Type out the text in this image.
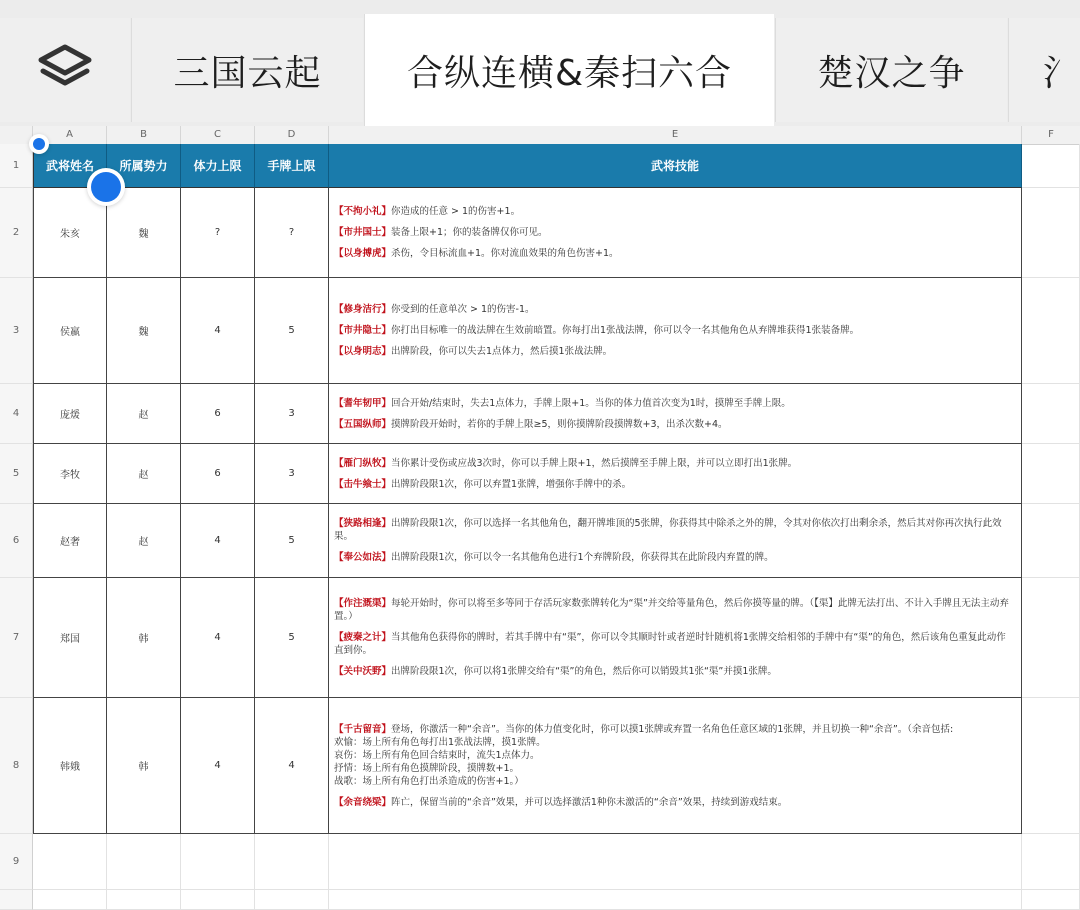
三国云起	合纵连横&秦扫六合	楚汉之争	氵
A	B	C	D	E	F
1
2
3
4
5
6
7
8
9
武将姓名	所属势力	体力上限	手牌上限	武将技能
朱亥	魏	?	?
【不拘小礼】你造成的任意 > 1的伤害+1。
【市井国士】装备上限+1；你的装备牌仅你可见。
【以身搏虎】杀伤，令目标流血+1。你对流血效果的角色伤害+1。
侯嬴	魏	4	5
【修身洁行】你受到的任意单次 > 1的伤害-1。
【市井隐士】你打出目标唯一的战法牌在生效前暗置。你每打出1张战法牌，你可以令一名其他角色从弃牌堆获得1张装备牌。
【以身明志】出牌阶段，你可以失去1点体力，然后摸1张战法牌。
庞煖	赵	6	3
【耆年韧甲】回合开始/结束时，失去1点体力，手牌上限+1。当你的体力值首次变为1时，摸牌至手牌上限。
【五国纵师】摸牌阶段开始时，若你的手牌上限≥5，则你摸牌阶段摸牌数+3，出杀次数+4。
李牧	赵	6	3
【雁门纵牧】当你累计受伤或应战3次时，你可以手牌上限+1，然后摸牌至手牌上限，并可以立即打出1张牌。
【击牛飨士】出牌阶段限1次，你可以弃置1张牌，增强你手牌中的杀。
赵奢	赵	4	5
【狭路相逢】出牌阶段限1次，你可以选择一名其他角色，翻开牌堆顶的5张牌，你获得其中除杀之外的牌，令其对你依次打出剩余杀，然后其对你再次执行此效果。
【奉公如法】出牌阶段限1次，你可以令一名其他角色进行1个弃牌阶段，你获得其在此阶段内弃置的牌。
郑国	韩	4	5
【作注溉渠】每轮开始时，你可以将至多等同于存活玩家数张牌转化为“渠”并交给等量角色，然后你摸等量的牌。（【渠】此牌无法打出、不计入手牌且无法主动弃置。）
【疲秦之计】当其他角色获得你的牌时，若其手牌中有“渠”，你可以令其顺时针或者逆时针随机将1张牌交给相邻的手牌中有“渠”的角色，然后该角色重复此动作直到你。
【关中沃野】出牌阶段限1次，你可以将1张牌交给有“渠”的角色，然后你可以销毁其1张“渠”并摸1张牌。
韩娥	韩	4	4
【千古留音】登场，你激活一种“余音”。当你的体力值变化时，你可以摸1张牌或弃置一名角色任意区域的1张牌，并且切换一种“余音”。（余音包括:
欢愉：场上所有角色每打出1张战法牌，摸1张牌。
哀伤：场上所有角色回合结束时，流失1点体力。
抒情：场上所有角色摸牌阶段，摸牌数+1。
战歌：场上所有角色打出杀造成的伤害+1。）
【余音绕梁】阵亡，保留当前的“余音”效果，并可以选择激活1种你未激活的“余音”效果，持续到游戏结束。
